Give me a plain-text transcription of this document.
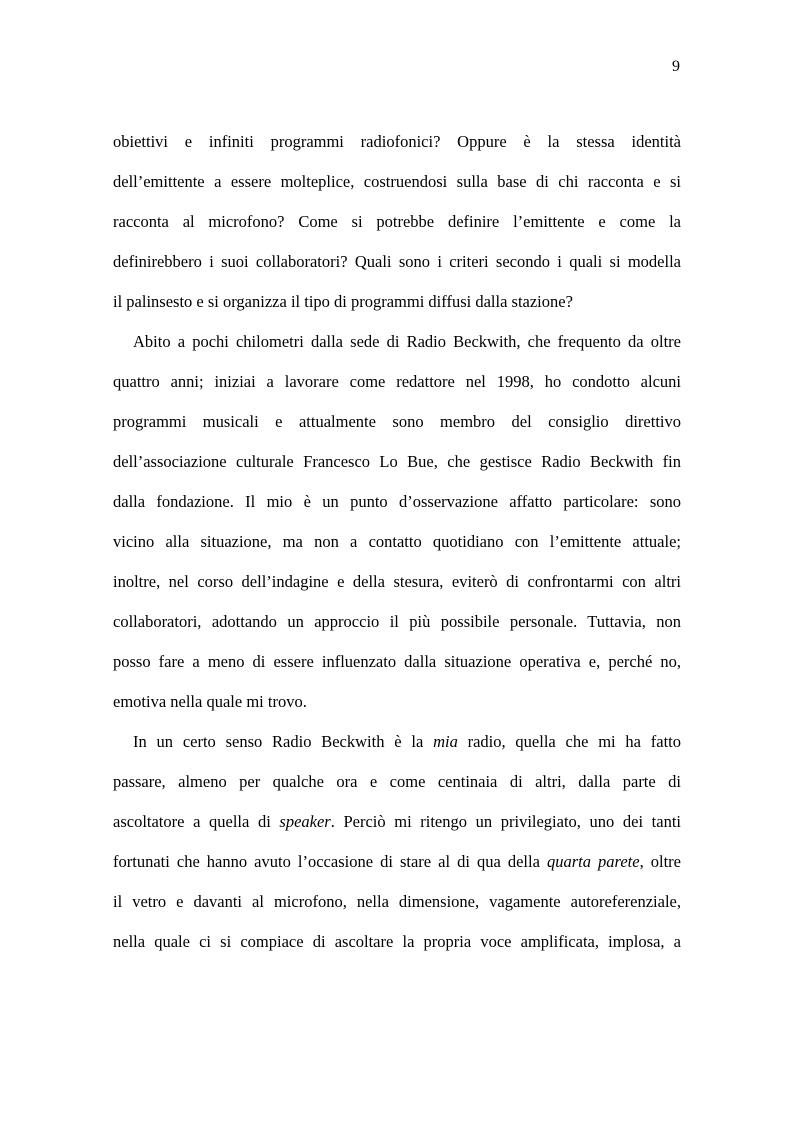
9
obiettivi e infiniti programmi radiofonici? Oppure è la stessa identità
dell’emittente a essere molteplice, costruendosi sulla base di chi racconta e si
racconta al microfono? Come si potrebbe definire l’emittente e come la
definirebbero i suoi collaboratori? Quali sono i criteri secondo i quali si modella
il palinsesto e si organizza il tipo di programmi diffusi dalla stazione?
Abito a pochi chilometri dalla sede di Radio Beckwith, che frequento da oltre
quattro anni; iniziai a lavorare come redattore nel 1998, ho condotto alcuni
programmi musicali e attualmente sono membro del consiglio direttivo
dell’associazione culturale Francesco Lo Bue, che gestisce Radio Beckwith fin
dalla fondazione. Il mio è un punto d’osservazione affatto particolare: sono
vicino alla situazione, ma non a contatto quotidiano con l’emittente attuale;
inoltre, nel corso dell’indagine e della stesura, eviterò di confrontarmi con altri
collaboratori, adottando un approccio il più possibile personale. Tuttavia, non
posso fare a meno di essere influenzato dalla situazione operativa e, perché no,
emotiva nella quale mi trovo.
In un certo senso Radio Beckwith è la mia radio, quella che mi ha fatto
passare, almeno per qualche ora e come centinaia di altri, dalla parte di
ascoltatore a quella di speaker. Perciò mi ritengo un privilegiato, uno dei tanti
fortunati che hanno avuto l’occasione di stare al di qua della quarta parete, oltre
il vetro e davanti al microfono, nella dimensione, vagamente autoreferenziale,
nella quale ci si compiace di ascoltare la propria voce amplificata, implosa, a
